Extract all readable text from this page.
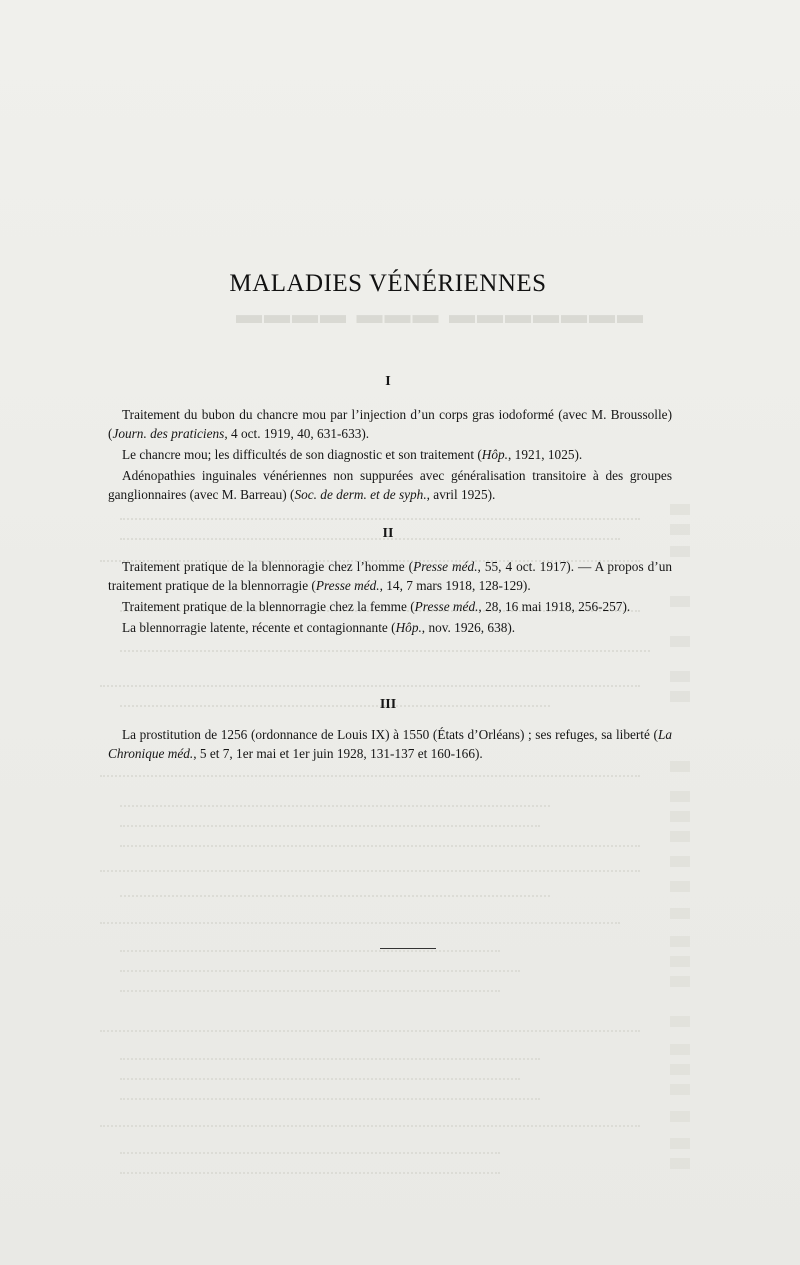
▬▬▬▬ ▬▬▬ ▬▬▬▬▬▬▬
MALADIES VÉNÉRIENNES
I

Traitement du bubon du chancre mou par l’injection d’un corps gras iodoformé (avec M. Broussolle) (Journ. des praticiens, 4 oct. 1919, 40, 631-633).

Le chancre mou; les difficultés de son diagnostic et son traitement (Hôp., 1921, 1025).

Adénopathies inguinales vénériennes non suppurées avec généralisation transitoire à des groupes ganglionnaires (avec M. Barreau) (Soc. de derm. et de syph., avril 1925).

II

Traitement pratique de la blennoragie chez l’homme (Presse méd., 55, 4 oct. 1917). — A propos d’un traitement pratique de la blennorragie (Presse méd., 14, 7 mars 1918, 128-129).

Traitement pratique de la blennorragie chez la femme (Presse méd., 28, 16 mai 1918, 256-257).

La blennorragie latente, récente et contagionnante (Hôp., nov. 1926, 638).

III

La prostitution de 1256 (ordonnance de Louis IX) à 1550 (États d’Orléans) ; ses refuges, sa liberté (La Chronique méd., 5 et 7, 1er mai et 1er juin 1928, 131-137 et 160-166).
